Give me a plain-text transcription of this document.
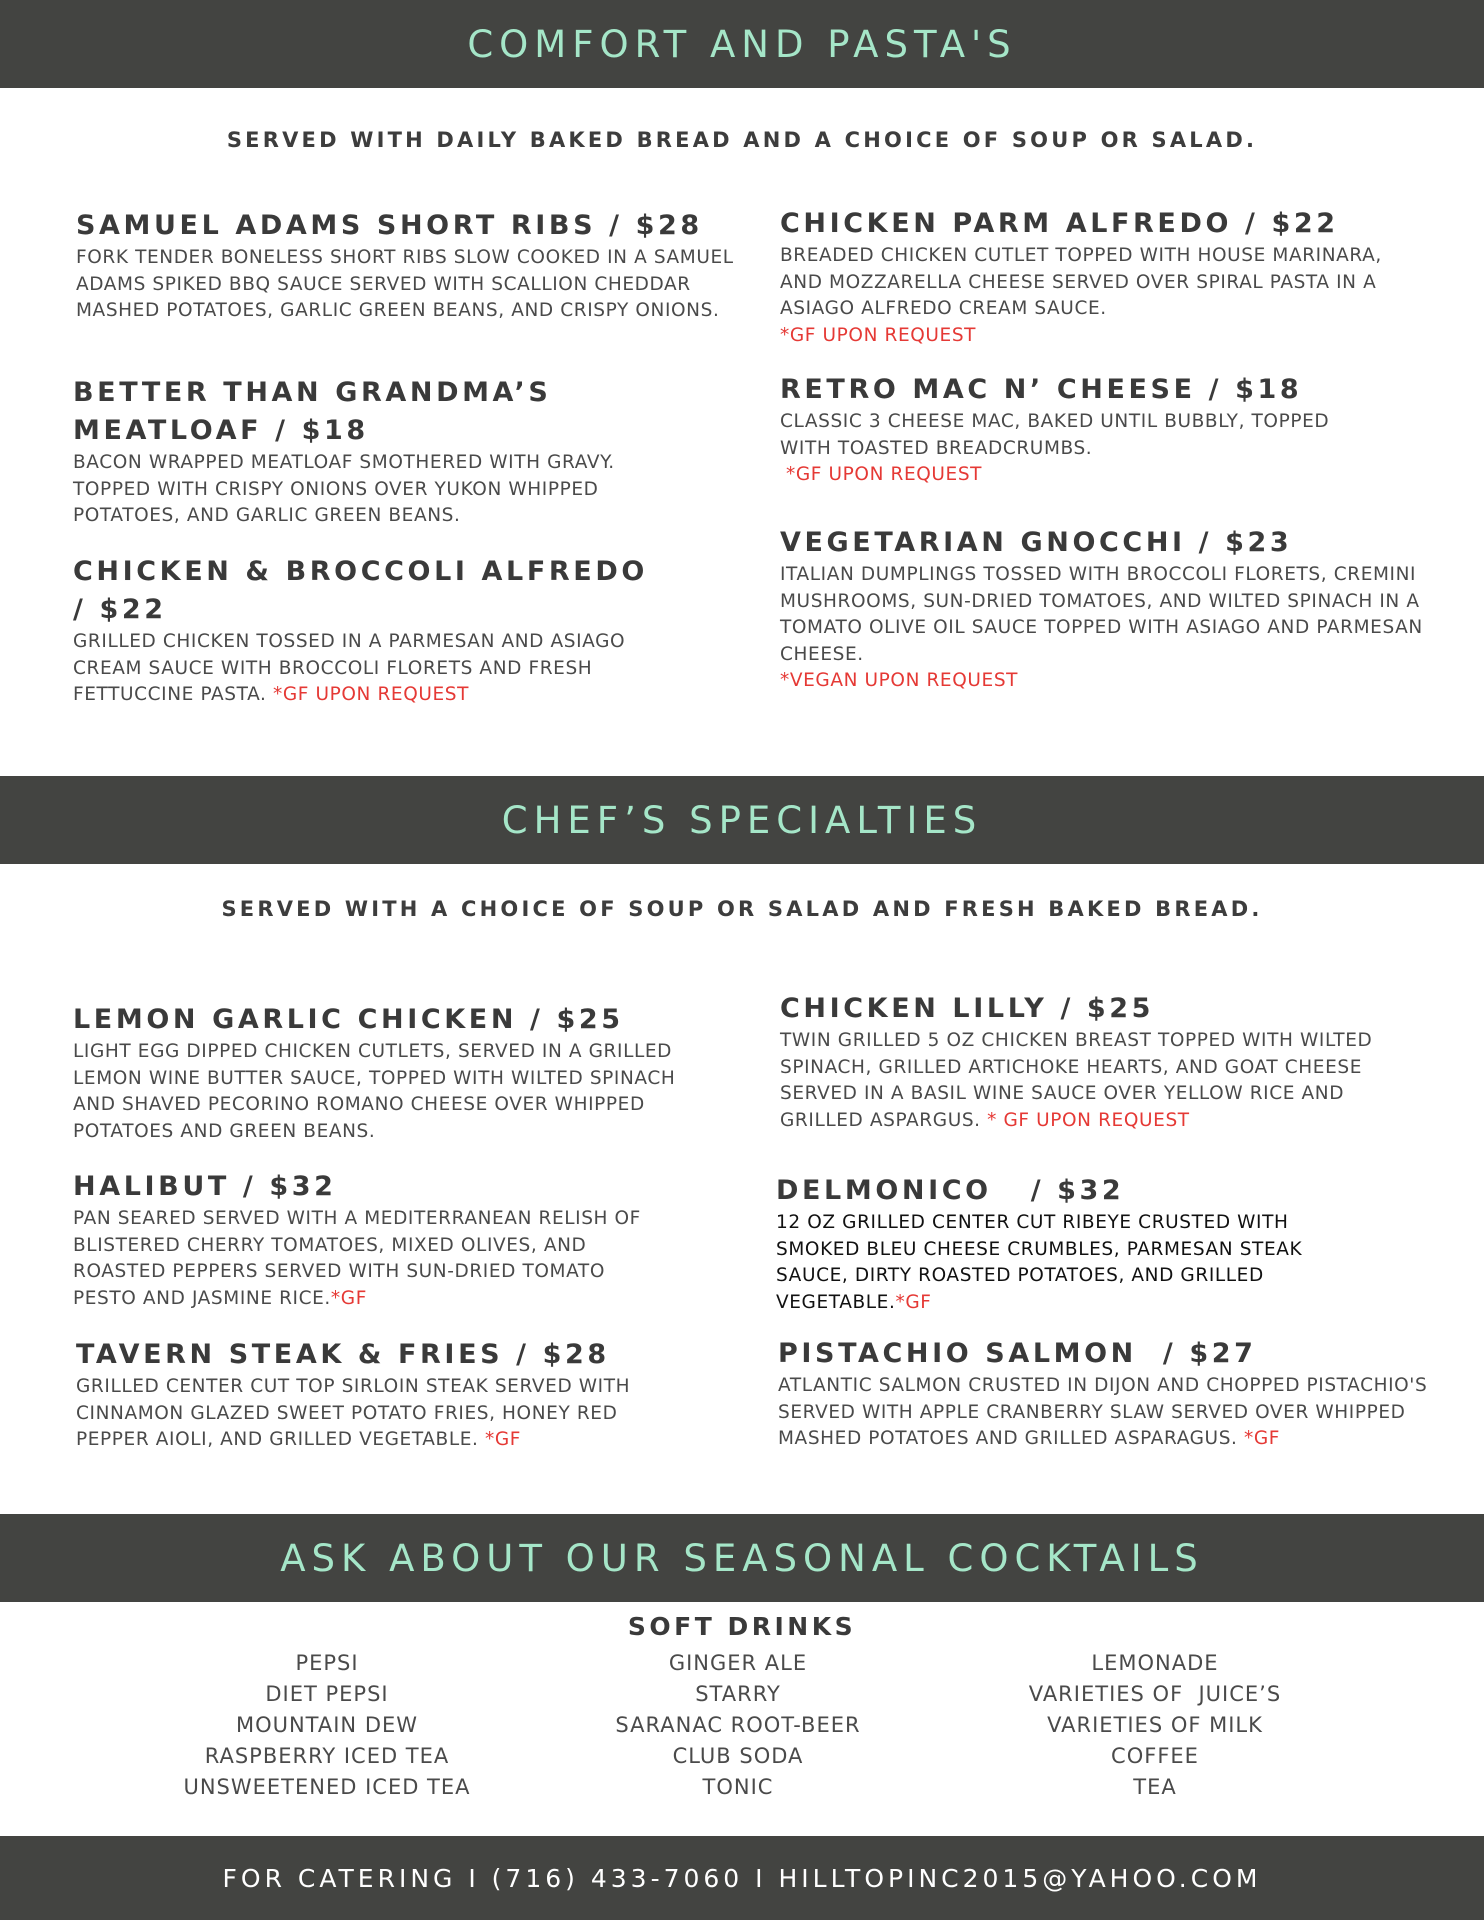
COMFORT AND PASTA'S
SERVED WITH DAILY BAKED BREAD AND A CHOICE OF SOUP OR SALAD.

SAMUEL ADAMS SHORT RIBS / $28

FORK TENDER BONELESS SHORT RIBS SLOW COOKED IN A SAMUEL ADAMS SPIKED BBQ SAUCE SERVED WITH SCALLION CHEDDAR MASHED POTATOES, GARLIC GREEN BEANS, AND CRISPY ONIONS.

BETTER THAN GRANDMA’S MEATLOAF / $18

BACON WRAPPED MEATLOAF SMOTHERED WITH GRAVY. TOPPED WITH CRISPY ONIONS OVER YUKON WHIPPED POTATOES, AND GARLIC GREEN BEANS.

CHICKEN & BROCCOLI ALFREDO / $22

GRILLED CHICKEN TOSSED IN A PARMESAN AND ASIAGO CREAM SAUCE WITH BROCCOLI FLORETS AND FRESH FETTUCCINE PASTA. *GF UPON REQUEST

CHICKEN PARM ALFREDO / $22

BREADED CHICKEN CUTLET TOPPED WITH HOUSE MARINARA, AND MOZZARELLA CHEESE SERVED OVER SPIRAL PASTA IN A ASIAGO ALFREDO CREAM SAUCE.

*GF UPON REQUEST

RETRO MAC N’ CHEESE / $18

CLASSIC 3 CHEESE MAC, BAKED UNTIL BUBBLY, TOPPED WITH TOASTED BREADCRUMBS.

*GF UPON REQUEST

VEGETARIAN GNOCCHI / $23

ITALIAN DUMPLINGS TOSSED WITH BROCCOLI FLORETS, CREMINI MUSHROOMS, SUN-DRIED TOMATOES, AND WILTED SPINACH IN A TOMATO OLIVE OIL SAUCE TOPPED WITH ASIAGO AND PARMESAN CHEESE.

*VEGAN UPON REQUEST

CHEF’S SPECIALTIES
SERVED WITH A CHOICE OF SOUP OR SALAD AND FRESH BAKED BREAD.

LEMON GARLIC CHICKEN / $25

LIGHT EGG DIPPED CHICKEN CUTLETS, SERVED IN A GRILLED LEMON WINE BUTTER SAUCE, TOPPED WITH WILTED SPINACH AND SHAVED PECORINO ROMANO CHEESE OVER WHIPPED POTATOES AND GREEN BEANS.

HALIBUT / $32

PAN SEARED SERVED WITH A MEDITERRANEAN RELISH OF BLISTERED CHERRY TOMATOES, MIXED OLIVES, AND ROASTED PEPPERS SERVED WITH SUN-DRIED TOMATO PESTO AND JASMINE RICE.*GF

TAVERN STEAK & FRIES / $28

GRILLED CENTER CUT TOP SIRLOIN STEAK SERVED WITH CINNAMON GLAZED SWEET POTATO FRIES, HONEY RED PEPPER AIOLI, AND GRILLED VEGETABLE. *GF

CHICKEN LILLY / $25

TWIN GRILLED 5 OZ CHICKEN BREAST TOPPED WITH WILTED SPINACH, GRILLED ARTICHOKE HEARTS, AND GOAT CHEESE SERVED IN A BASIL WINE SAUCE OVER YELLOW RICE AND GRILLED ASPARGUS. * GF UPON REQUEST

DELMONICO   / $32

12 OZ GRILLED CENTER CUT RIBEYE CRUSTED WITH SMOKED BLEU CHEESE CRUMBLES, PARMESAN STEAK SAUCE, DIRTY ROASTED POTATOES, AND GRILLED VEGETABLE.*GF

PISTACHIO SALMON  / $27

ATLANTIC SALMON CRUSTED IN DIJON AND CHOPPED PISTACHIO'S SERVED WITH APPLE CRANBERRY SLAW SERVED OVER WHIPPED MASHED POTATOES AND GRILLED ASPARAGUS. *GF

ASK ABOUT OUR SEASONAL COCKTAILS
SOFT DRINKS
PEPSI
DIET PEPSI
MOUNTAIN DEW
RASPBERRY ICED TEA
UNSWEETENED ICED TEA
GINGER ALE
STARRY
SARANAC ROOT-BEER
CLUB SODA
TONIC
LEMONADE
VARIETIES OF  JUICE’S
VARIETIES OF MILK
COFFEE
TEA
FOR CATERING I (716) 433-7060 I HILLTOPINC2015@YAHOO.COM
